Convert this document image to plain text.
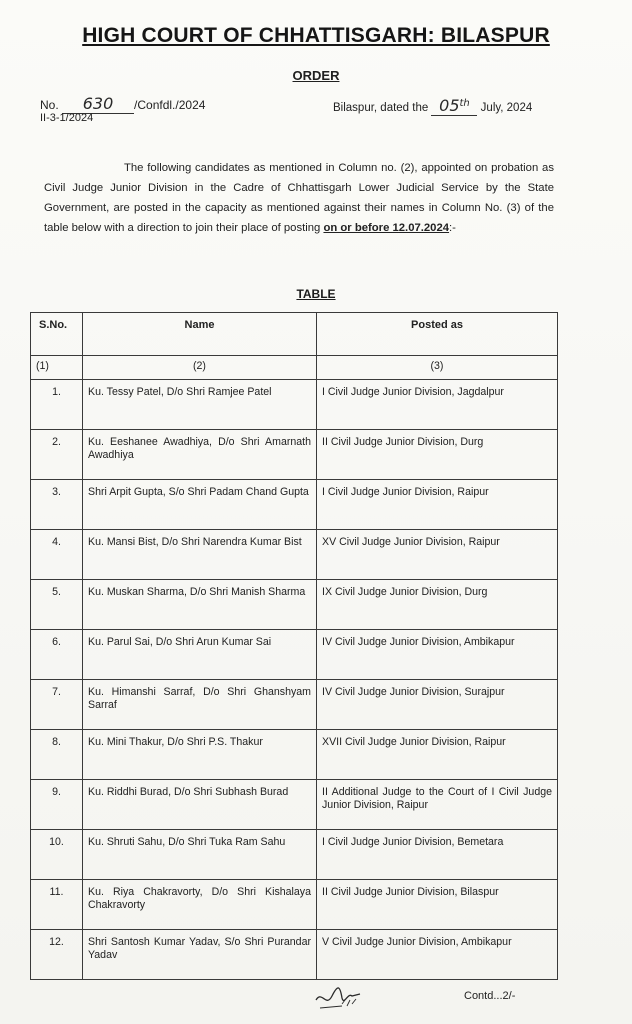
HIGH COURT OF CHHATTISGARH: BILASPUR
ORDER
No. 630 /Confdl./2024
II-3-1/2024
Bilaspur, dated the 05th July, 2024
The following candidates as mentioned in Column no. (2), appointed on probation as Civil Judge Junior Division in the Cadre of Chhattisgarh Lower Judicial Service by the State Government, are posted in the capacity as mentioned against their names in Column No. (3) of the table below with a direction to join their place of posting on or before 12.07.2024:-
TABLE
S.No.	Name	Posted as
(1)	(2)	(3)
1.	Ku. Tessy Patel, D/o Shri Ramjee Patel	I Civil Judge Junior Division, Jagdalpur
2.	Ku. Eeshanee Awadhiya, D/o Shri Amarnath Awadhiya	II Civil Judge Junior Division, Durg
3.	Shri Arpit Gupta, S/o Shri Padam Chand Gupta	I Civil Judge Junior Division, Raipur
4.	Ku. Mansi Bist, D/o Shri Narendra Kumar Bist	XV Civil Judge Junior Division, Raipur
5.	Ku. Muskan Sharma, D/o Shri Manish Sharma	IX Civil Judge Junior Division, Durg
6.	Ku. Parul Sai, D/o Shri Arun Kumar Sai	IV Civil Judge Junior Division, Ambikapur
7.	Ku. Himanshi Sarraf, D/o Shri Ghanshyam Sarraf	IV Civil Judge Junior Division, Surajpur
8.	Ku. Mini Thakur, D/o Shri P.S. Thakur	XVII Civil Judge Junior Division, Raipur
9.	Ku. Riddhi Burad, D/o Shri Subhash Burad	II Additional Judge to the Court of I Civil Judge Junior Division, Raipur
10.	Ku. Shruti Sahu, D/o Shri Tuka Ram Sahu	I Civil Judge Junior Division, Bemetara
11.	Ku. Riya Chakravorty, D/o Shri Kishalaya Chakravorty	II Civil Judge Junior Division, Bilaspur
12.	Shri Santosh Kumar Yadav, S/o Shri Purandar Yadav	V Civil Judge Junior Division, Ambikapur
Contd...2/-
